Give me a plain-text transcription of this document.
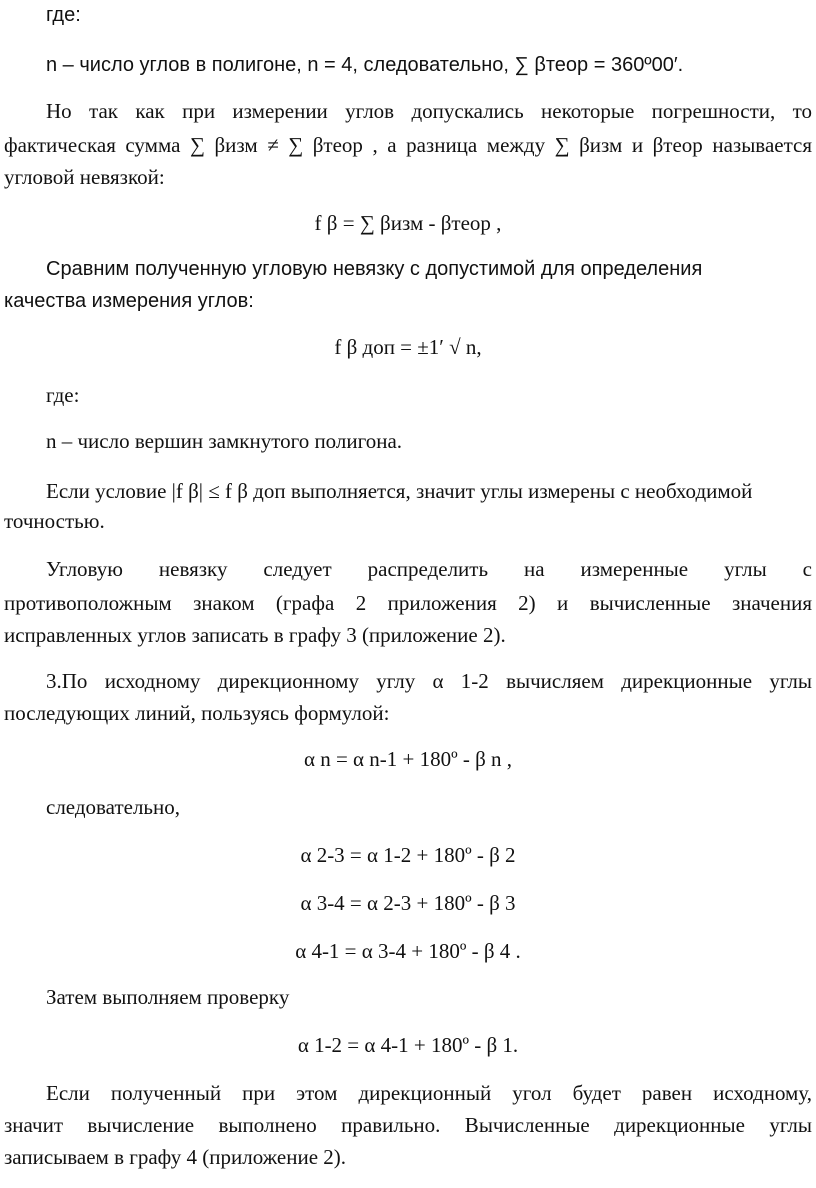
где:
n – число углов в полигоне, n = 4, следовательно, ∑ βтеор = 360º00′.
Но так как при измерении углов допускались некоторые погрешности, то
фактическая сумма ∑ βизм ≠ ∑ βтеор , а разница между ∑ βизм и βтеор называется
угловой невязкой:
f β = ∑ βизм - βтеор ,
Сравним полученную угловую невязку с допустимой для определения
качества измерения углов:
f β доп = ±1′ √ n,
где:
n – число вершин замкнутого полигона.
Если условие |f β| ≤ f β доп выполняется, значит углы измерены с необходимой
точностью.
Угловую невязку следует распределить на измеренные углы с
противоположным знаком (графа 2 приложения 2) и вычисленные значения
исправленных углов записать в графу 3 (приложение 2).
3.По исходному дирекционному углу α 1-2 вычисляем дирекционные углы
последующих линий, пользуясь формулой:
α n = α n-1 + 180º - β n ,
следовательно,
α 2-3 = α 1-2 + 180º - β 2
α 3-4 = α 2-3 + 180º - β 3
α 4-1 = α 3-4 + 180º - β 4 .
Затем выполняем проверку
α 1-2 = α 4-1 + 180º - β 1.
Если полученный при этом дирекционный угол будет равен исходному,
значит вычисление выполнено правильно. Вычисленные дирекционные углы
записываем в графу 4 (приложение 2).
